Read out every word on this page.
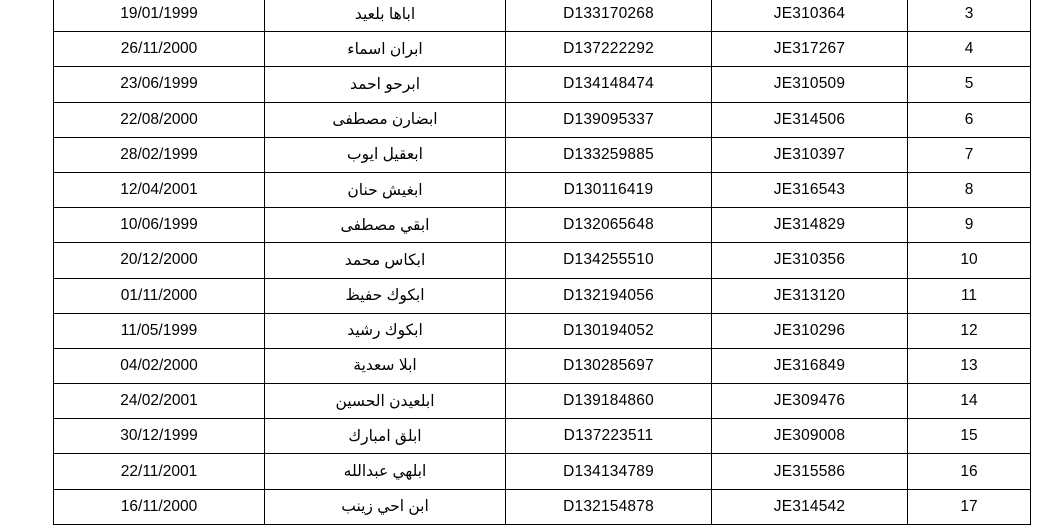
19/01/1999	اباها بلعيد	D133170268	JE310364	3
26/11/2000	ابران اسماء	D137222292	JE317267	4
23/06/1999	ابرحو احمد	D134148474	JE310509	5
22/08/2000	ابضارن مصطفى	D139095337	JE314506	6
28/02/1999	ابعقيل ايوب	D133259885	JE310397	7
12/04/2001	ابغيش حنان	D130116419	JE316543	8
10/06/1999	ابقي مصطفى	D132065648	JE314829	9
20/12/2000	ابكاس محمد	D134255510	JE310356	10
01/11/2000	ابكوك حفيظ	D132194056	JE313120	11
11/05/1999	ابكوك رشيد	D130194052	JE310296	12
04/02/2000	ابلا سعدية	D130285697	JE316849	13
24/02/2001	ابلعيدن الحسين	D139184860	JE309476	14
30/12/1999	ابلق امبارك	D137223511	JE309008	15
22/11/2001	ابلهي عبدالله	D134134789	JE315586	16
16/11/2000	ابن احي زينب	D132154878	JE314542	17
